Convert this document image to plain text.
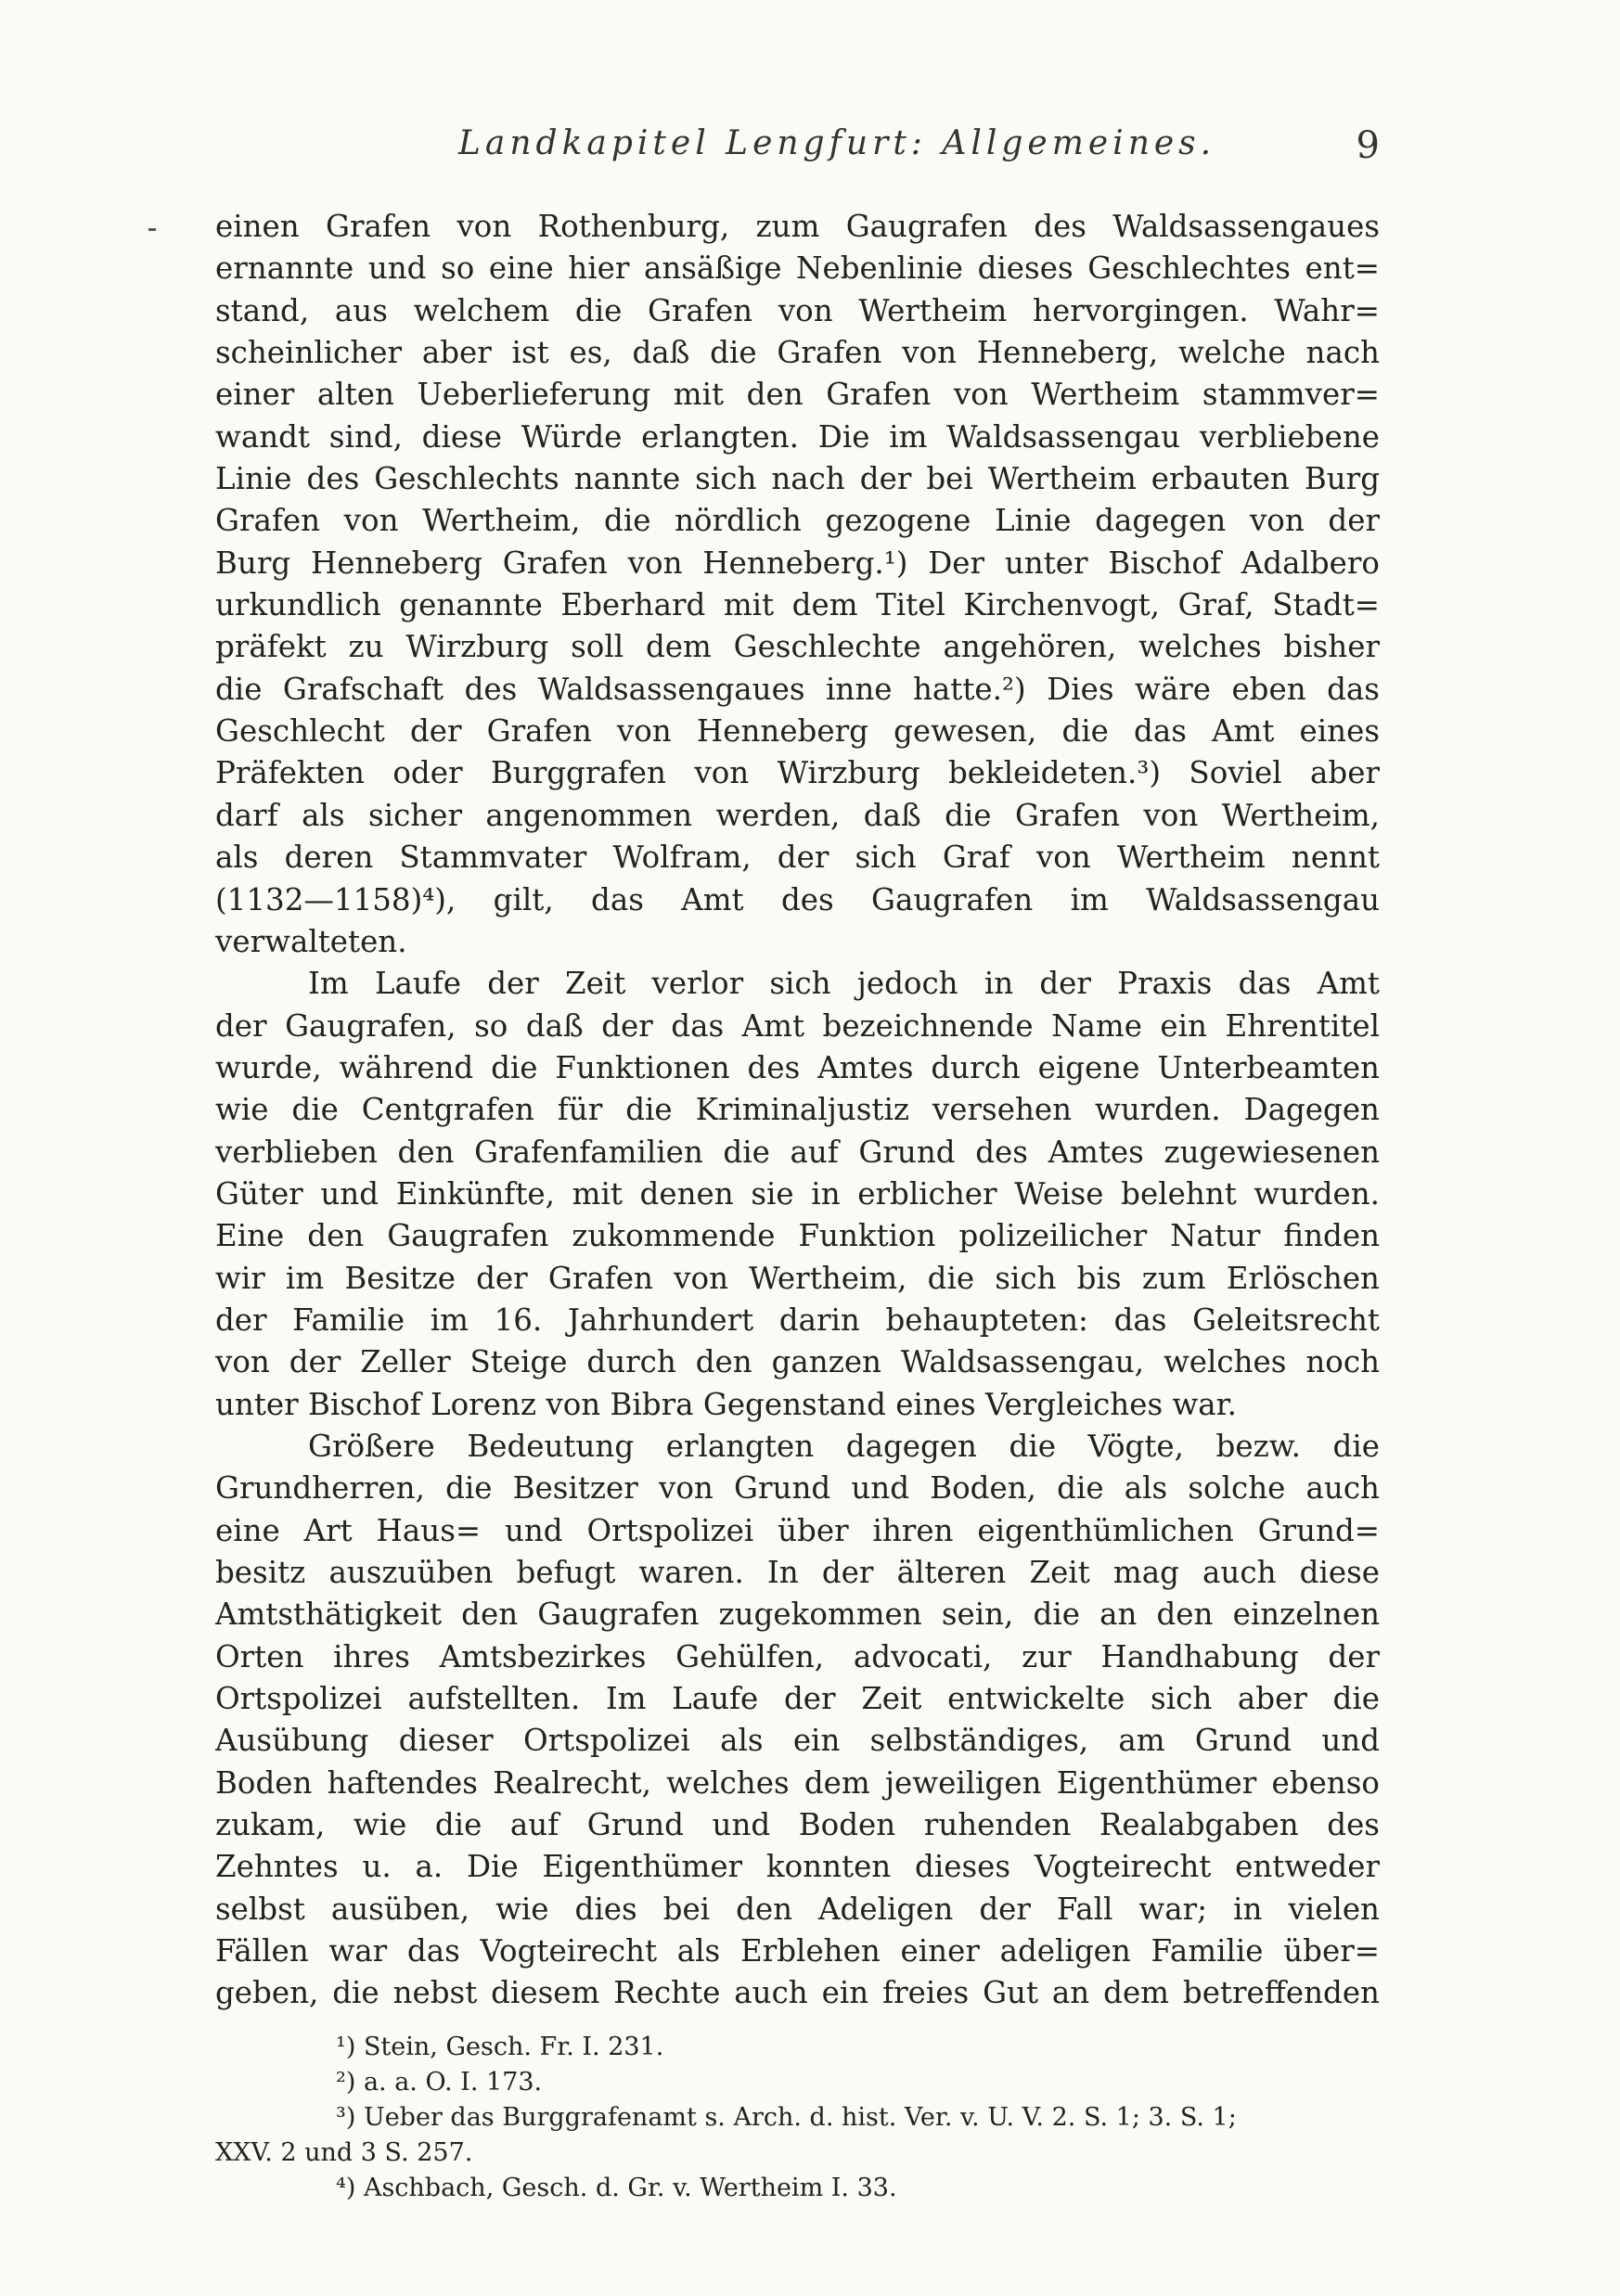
Landkapitel Lengfurt: Allgemeines.	9
einen Grafen von Rothenburg, zum Gaugrafen des Waldsassengaues
ernannte und so eine hier ansäßige Nebenlinie dieses Geschlechtes ent=
stand, aus welchem die Grafen von Wertheim hervorgingen. Wahr=
scheinlicher aber ist es, daß die Grafen von Henneberg, welche nach
einer alten Ueberlieferung mit den Grafen von Wertheim stammver=
wandt sind, diese Würde erlangten. Die im Waldsassengau verbliebene
Linie des Geschlechts nannte sich nach der bei Wertheim erbauten Burg
Grafen von Wertheim, die nördlich gezogene Linie dagegen von der
Burg Henneberg Grafen von Henneberg.¹) Der unter Bischof Adalbero
urkundlich genannte Eberhard mit dem Titel Kirchenvogt, Graf, Stadt=
präfekt zu Wirzburg soll dem Geschlechte angehören, welches bisher
die Grafschaft des Waldsassengaues inne hatte.²) Dies wäre eben das
Geschlecht der Grafen von Henneberg gewesen, die das Amt eines
Präfekten oder Burggrafen von Wirzburg bekleideten.³) Soviel aber
darf als sicher angenommen werden, daß die Grafen von Wertheim,
als deren Stammvater Wolfram, der sich Graf von Wertheim nennt
(1132—1158)⁴), gilt, das Amt des Gaugrafen im Waldsassengau
verwalteten.
Im Laufe der Zeit verlor sich jedoch in der Praxis das Amt
der Gaugrafen, so daß der das Amt bezeichnende Name ein Ehrentitel
wurde, während die Funktionen des Amtes durch eigene Unterbeamten
wie die Centgrafen für die Kriminaljustiz versehen wurden. Dagegen
verblieben den Grafenfamilien die auf Grund des Amtes zugewiesenen
Güter und Einkünfte, mit denen sie in erblicher Weise belehnt wurden.
Eine den Gaugrafen zukommende Funktion polizeilicher Natur finden
wir im Besitze der Grafen von Wertheim, die sich bis zum Erlöschen
der Familie im 16. Jahrhundert darin behaupteten: das Geleitsrecht
von der Zeller Steige durch den ganzen Waldsassengau, welches noch
unter Bischof Lorenz von Bibra Gegenstand eines Vergleiches war.
Größere Bedeutung erlangten dagegen die Vögte, bezw. die
Grundherren, die Besitzer von Grund und Boden, die als solche auch
eine Art Haus= und Ortspolizei über ihren eigenthümlichen Grund=
besitz auszuüben befugt waren. In der älteren Zeit mag auch diese
Amtsthätigkeit den Gaugrafen zugekommen sein, die an den einzelnen
Orten ihres Amtsbezirkes Gehülfen, advocati, zur Handhabung der
Ortspolizei aufstellten. Im Laufe der Zeit entwickelte sich aber die
Ausübung dieser Ortspolizei als ein selbständiges, am Grund und
Boden haftendes Realrecht, welches dem jeweiligen Eigenthümer ebenso
zukam, wie die auf Grund und Boden ruhenden Realabgaben des
Zehntes u. a. Die Eigenthümer konnten dieses Vogteirecht entweder
selbst ausüben, wie dies bei den Adeligen der Fall war; in vielen
Fällen war das Vogteirecht als Erblehen einer adeligen Familie über=
geben, die nebst diesem Rechte auch ein freies Gut an dem betreffenden
¹) Stein, Gesch. Fr. I. 231.
²) a. a. O. I. 173.
³) Ueber das Burggrafenamt s. Arch. d. hist. Ver. v. U. V. 2. S. 1; 3. S. 1;
XXV. 2 und 3 S. 257.
⁴) Aschbach, Gesch. d. Gr. v. Wertheim I. 33.
